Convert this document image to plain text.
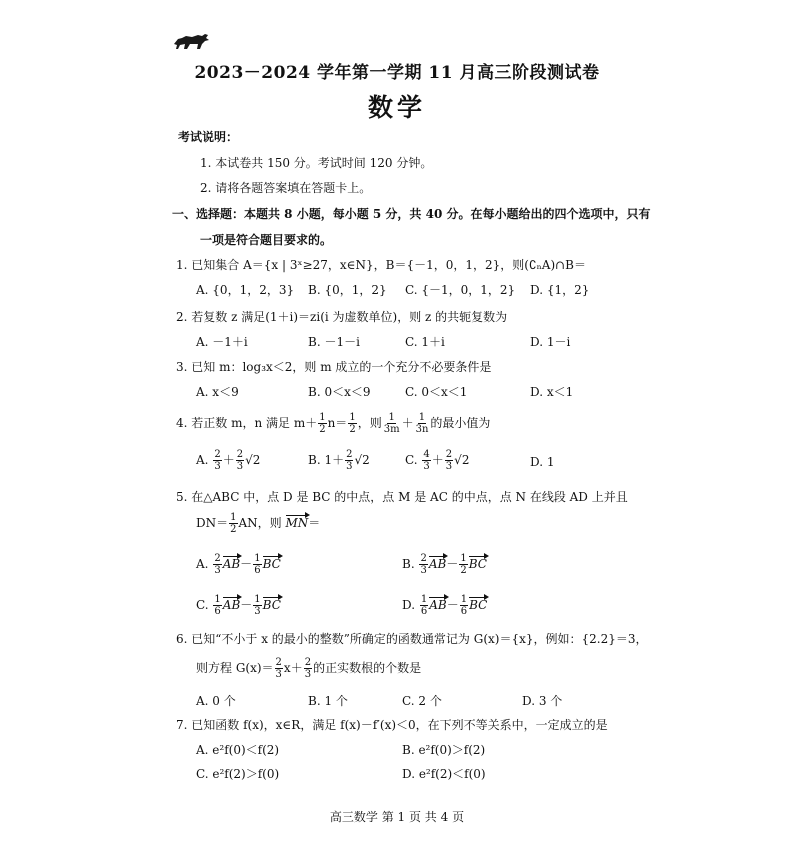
2023－2024 学年第一学期 11 月高三阶段测试卷
数学
考试说明：
1. 本试卷共 150 分。考试时间 120 分钟。
2. 请将各题答案填在答题卡上。
一、选择题：本题共 8 小题，每小题 5 分，共 40 分。在每小题给出的四个选项中，只有
一项是符合题目要求的。
1. 已知集合 A＝{x | 3ˣ≥27，x∈N}，B＝{－1，0，1，2}，则(∁ₙA)∩B＝
A. {0，1，2，3} B. {0，1，2} C. {－1，0，1，2} D. {1，2}
2. 若复数 z 满足(1＋i)＝zi(i 为虚数单位)，则 z 的共轭复数为
A. －1＋i	B. －1－i	C. 1＋i	D. 1－i
3. 已知 m：log₃x＜2，则 m 成立的一个充分不必要条件是
A. x＜9	B. 0＜x＜9	C. 0＜x＜1	D. x＜1
4. 若正数 m，n 满足 $m+ \frac{1}{2} n= \frac{1}{2}$ ，则 $\frac{1}{3m} + \frac{1}{3n}$ 的最小值为
A. $\frac{2}{3} + \frac{2}{3} √2$	B. $1+ \frac{2}{3} √2$	C. $\frac{4}{3} + \frac{2}{3} √2$	D. 1
5. 在△ABC 中，点 D 是 BC 的中点，点 M 是 AC 的中点，点 N 在线段 AD 上并且
$DN= \frac{1}{2}$ AN，则 MN＝
A. $\frac{2}{3} AB- \frac{1}{6}$ BC	B. $\frac{2}{3} AB- \frac{1}{2}$ BC
C. $\frac{1}{6} AB- \frac{1}{3}$ BC	D. $\frac{1}{6} AB- \frac{1}{6}$ BC
6. 已知“不小于 x 的最小的整数”所确定的函数通常记为 G(x)＝{x}，例如：{2.2}＝3，
则方程 $G(x)= \frac{2}{3} x+ \frac{2}{3}$ 的正实数根的个数是
A. 0 个	B. 1 个	C. 2 个	D. 3 个
7. 已知函数 f(x)，x∈R，满足 f(x)－f′(x)＜0，在下列不等关系中，一定成立的是
A. e²f(0)＜f(2)	B. e²f(0)＞f(2)
C. e²f(2)＞f(0)	D. e²f(2)＜f(0)
高三数学 第 1 页 共 4 页
